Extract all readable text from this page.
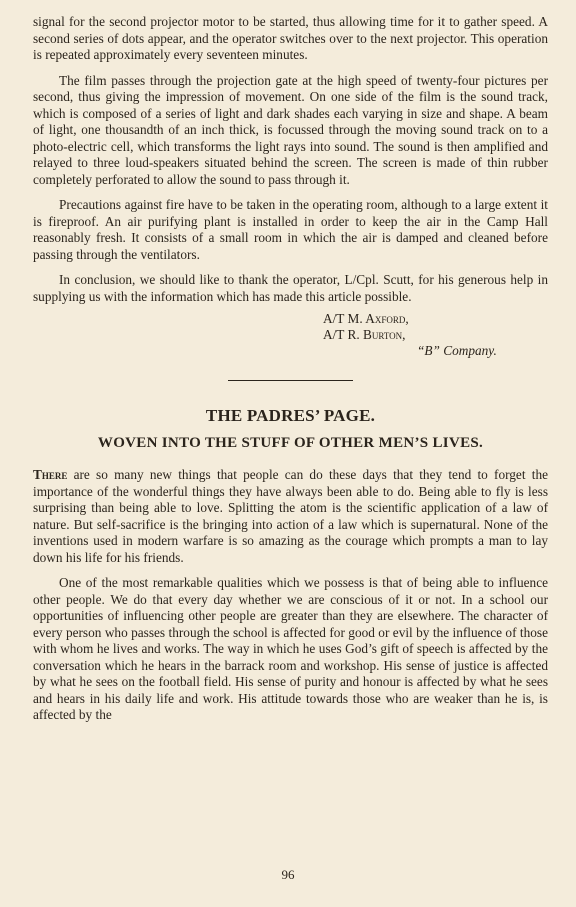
signal for the second projector motor to be started, thus allowing time for it to gather speed. A second series of dots appear, and the operator switches over to the next projector. This operation is repeated approximately every seventeen minutes.

The film passes through the projection gate at the high speed of twenty-four pictures per second, thus giving the impression of movement. On one side of the film is the sound track, which is composed of a series of light and dark shades each varying in size and shape. A beam of light, one thousandth of an inch thick, is focussed through the moving sound track on to a photo-electric cell, which transforms the light rays into sound. The sound is then amplified and relayed to three loud-speakers situated behind the screen. The screen is made of thin rubber completely perforated to allow the sound to pass through it.

Precautions against fire have to be taken in the operating room, although to a large extent it is fireproof. An air purifying plant is installed in order to keep the air in the Camp Hall reasonably fresh. It consists of a small room in which the air is damped and cleaned before passing through the ventilators.

In conclusion, we should like to thank the operator, L/Cpl. Scutt, for his generous help in supplying us with the information which has made this article possible.

A/T M. Axford,
A/T R. Burton,
“B” Company.
THE PADRES’ PAGE.
WOVEN INTO THE STUFF OF OTHER MEN’S LIVES.

There are so many new things that people can do these days that they tend to forget the importance of the wonderful things they have always been able to do. Being able to fly is less surprising than being able to love. Splitting the atom is the scientific application of a law of nature. But self-sacrifice is the bringing into action of a law which is supernatural. None of the inventions used in modern warfare is so amazing as the courage which prompts a man to lay down his life for his friends.

One of the most remarkable qualities which we possess is that of being able to influence other people. We do that every day whether we are conscious of it or not. In a school our opportunities of influencing other people are greater than they are elsewhere. The character of every person who passes through the school is affected for good or evil by the influence of those with whom he lives and works. The way in which he uses God’s gift of speech is affected by the conversation which he hears in the barrack room and workshop. His sense of justice is affected by what he sees on the football field. His sense of purity and honour is affected by what he sees and hears in his daily life and work. His attitude towards those who are weaker than he is, is affected by the

96
